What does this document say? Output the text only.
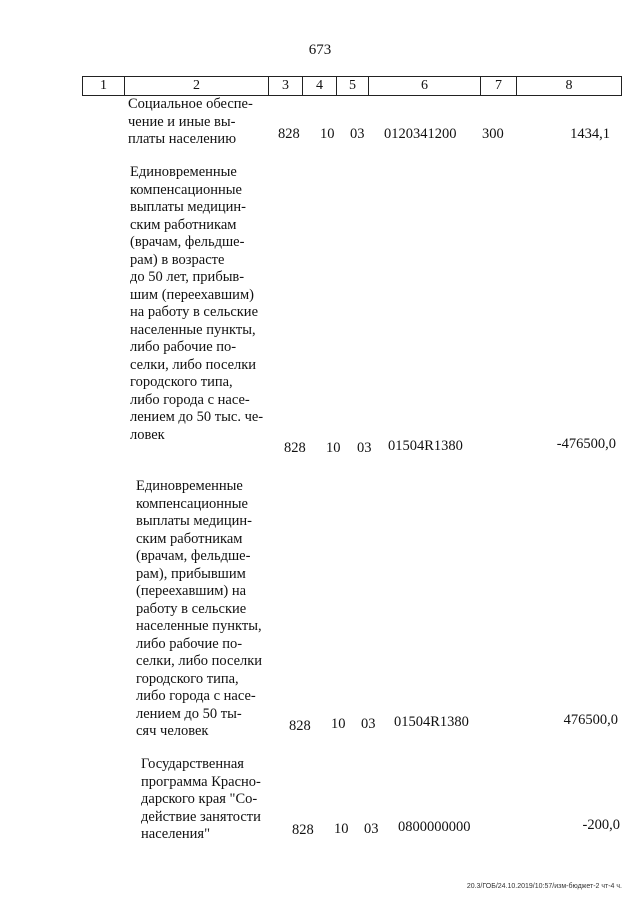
673
1	2	3	4	5	6	7	8
Социальное обеспе-
чение и иные вы-
платы населению	828 10 03 0120341200 300	1434,1
Единовременные
компенсационные
выплаты медицин-
ским работникам
(врачам, фельдше-
рам) в возрасте
до 50 лет, прибыв-
шим (переехавшим)
на работу в сельские
населенные пункты,
либо рабочие по-
селки, либо поселки
городского типа,
либо города с насе-
лением до 50 тыс. че-
ловек
828 10 03 01504R1380	-476500,0
Единовременные
компенсационные
выплаты медицин-
ским работникам
(врачам, фельдше-
рам), прибывшим
(переехавшим) на
работу в сельские
населенные пункты,
либо рабочие по-
селки, либо поселки
городского типа,
либо города с насе-
лением до 50 ты-
сяч человек	828 10 03 01504R1380	476500,0
Государственная
программа Красно-
дарского края "Со-
действие занятости
населения"	828 10 03 0800000000	-200,0
20.3/ГОБ/24.10.2019/10:57/изм-бюджет-2 чт-4 ч.
